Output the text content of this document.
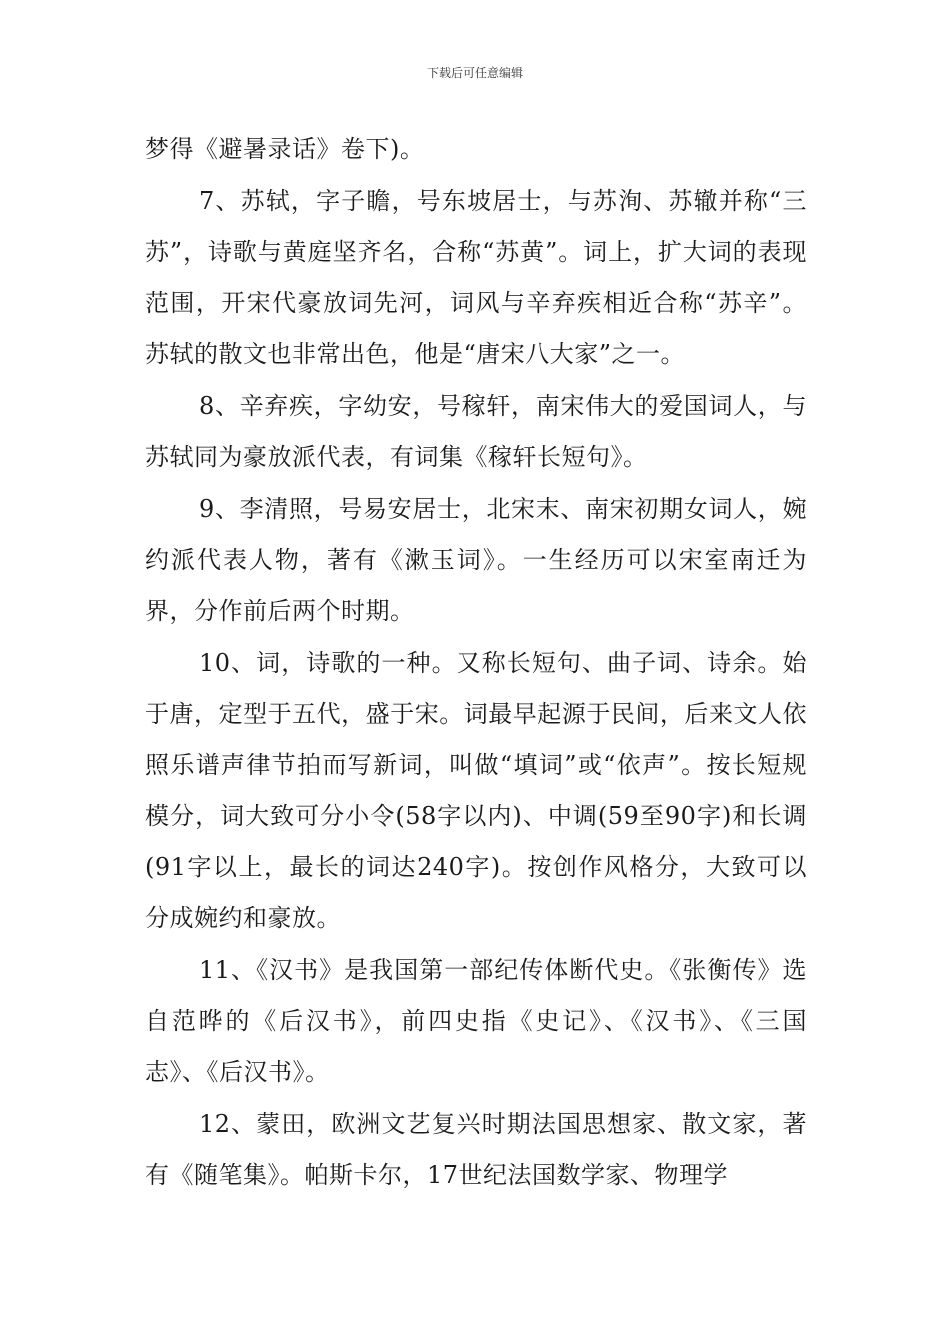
下载后可任意编辑

梦得《避暑录话》卷下)。

7、苏轼，字子瞻，号东坡居士，与苏洵、苏辙并称“三苏”，诗歌与黄庭坚齐名，合称“苏黄”。词上，扩大词的表现范围，开宋代豪放词先河，词风与辛弃疾相近合称“苏辛”。苏轼的散文也非常出色，他是“唐宋八大家”之一。

8、辛弃疾，字幼安，号稼轩，南宋伟大的爱国词人，与苏轼同为豪放派代表，有词集《稼轩长短句》。

9、李清照，号易安居士，北宋末、南宋初期女词人，婉约派代表人物，著有《漱玉词》。一生经历可以宋室南迁为界，分作前后两个时期。

10、词，诗歌的一种。又称长短句、曲子词、诗余。始于唐，定型于五代，盛于宋。词最早起源于民间，后来文人依照乐谱声律节拍而写新词，叫做“填词”或“依声”。按长短规模分，词大致可分小令(58字以内)、中调(59至90字)和长调(91字以上，最长的词达240字)。按创作风格分，大致可以分成婉约和豪放。

11、《汉书》是我国第一部纪传体断代史。《张衡传》选自范晔的《后汉书》，前四史指《史记》、《汉书》、《三国志》、《后汉书》。

12、蒙田，欧洲文艺复兴时期法国思想家、散文家，著有《随笔集》。帕斯卡尔，17世纪法国数学家、物理学
